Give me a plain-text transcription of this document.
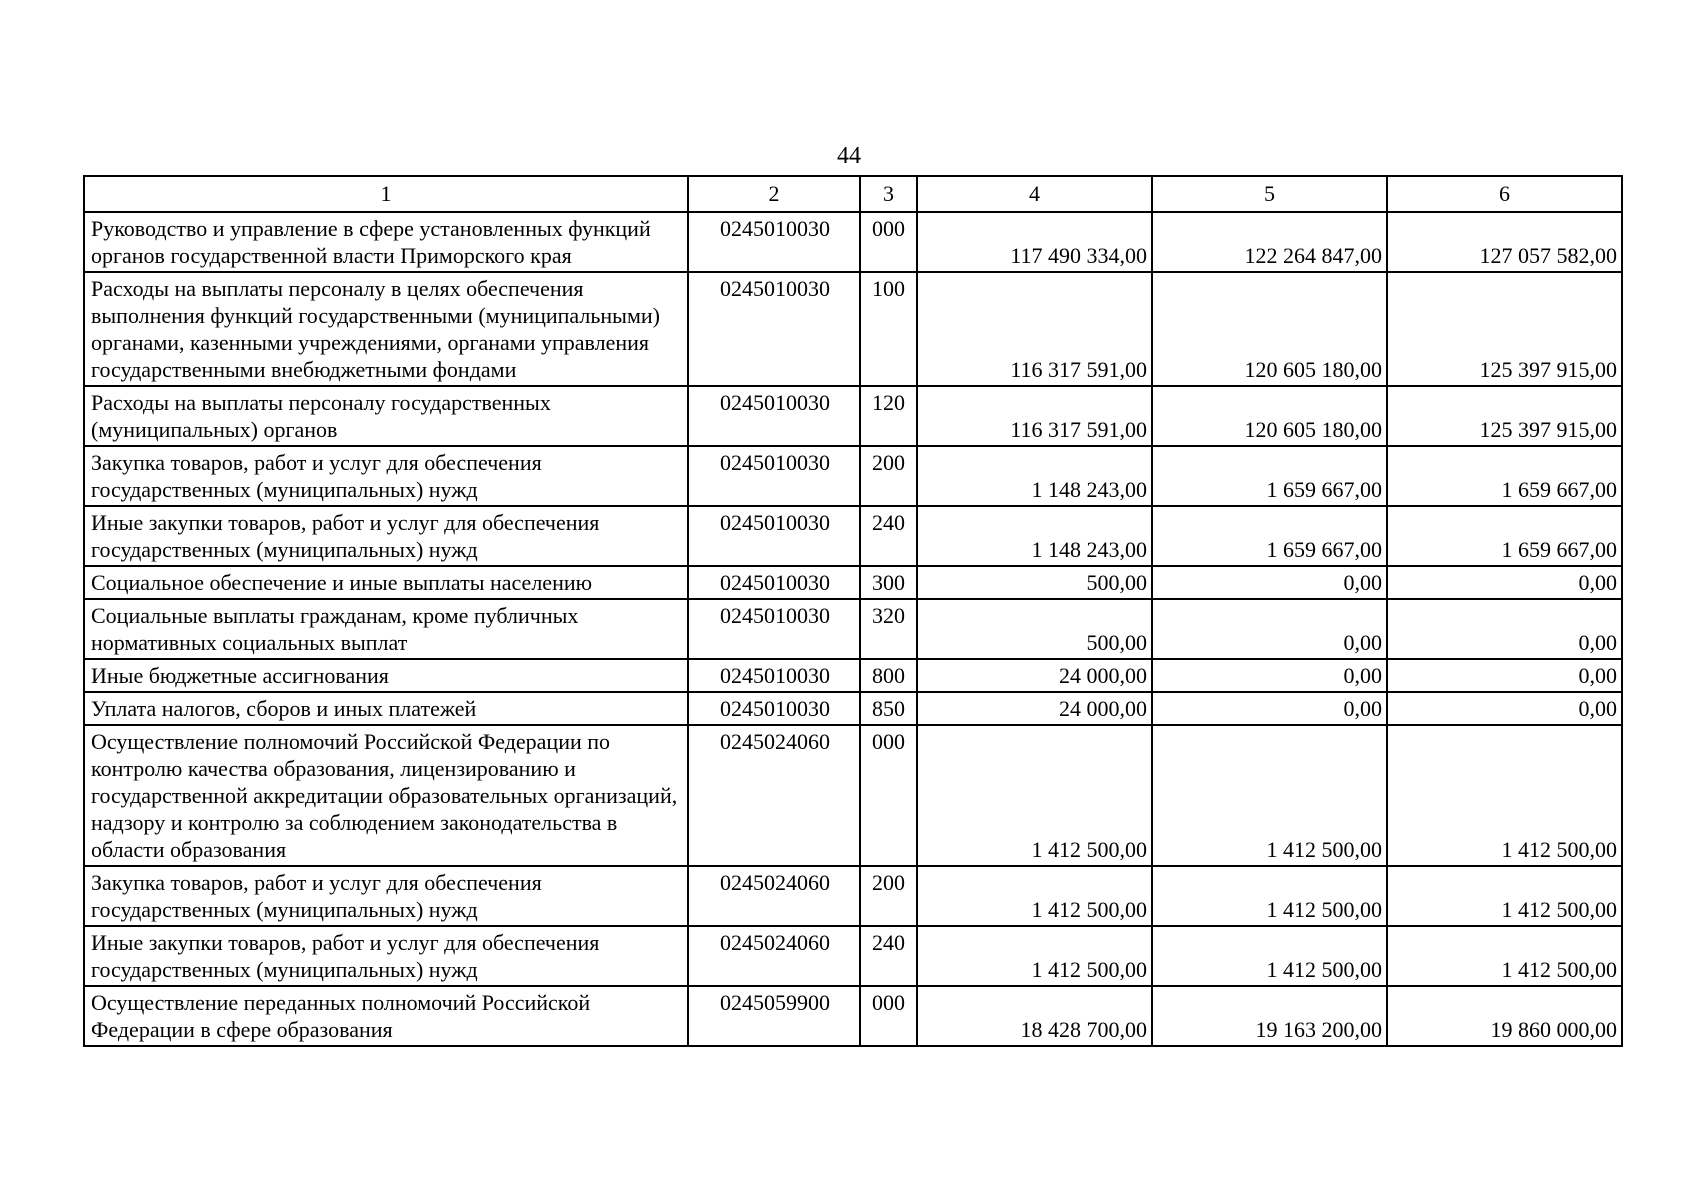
44
1	2	3	4	5	6
Руководство и управление в сфере установленных функций органов государственной власти Приморского края	0245010030	000	117 490 334,00	122 264 847,00	127 057 582,00
Расходы на выплаты персоналу в целях обеспечения выполнения функций государственными (муниципальными) органами, казенными учреждениями, органами управления государственными внебюджетными фондами	0245010030	100	116 317 591,00	120 605 180,00	125 397 915,00
Расходы на выплаты персоналу государственных (муниципальных) органов	0245010030	120	116 317 591,00	120 605 180,00	125 397 915,00
Закупка товаров, работ и услуг для обеспечения государственных (муниципальных) нужд	0245010030	200	1 148 243,00	1 659 667,00	1 659 667,00
Иные закупки товаров, работ и услуг для обеспечения государственных (муниципальных) нужд	0245010030	240	1 148 243,00	1 659 667,00	1 659 667,00
Социальное обеспечение и иные выплаты населению	0245010030	300	500,00	0,00	0,00
Социальные выплаты гражданам, кроме публичных нормативных социальных выплат	0245010030	320	500,00	0,00	0,00
Иные бюджетные ассигнования	0245010030	800	24 000,00	0,00	0,00
Уплата налогов, сборов и иных платежей	0245010030	850	24 000,00	0,00	0,00
Осуществление полномочий Российской Федерации по контролю качества образования, лицензированию и государственной аккредитации образовательных организаций, надзору и контролю за соблюдением законодательства в области образования	0245024060	000	1 412 500,00	1 412 500,00	1 412 500,00
Закупка товаров, работ и услуг для обеспечения государственных (муниципальных) нужд	0245024060	200	1 412 500,00	1 412 500,00	1 412 500,00
Иные закупки товаров, работ и услуг для обеспечения государственных (муниципальных) нужд	0245024060	240	1 412 500,00	1 412 500,00	1 412 500,00
Осуществление переданных полномочий Российской Федерации в сфере образования	0245059900	000	18 428 700,00	19 163 200,00	19 860 000,00
